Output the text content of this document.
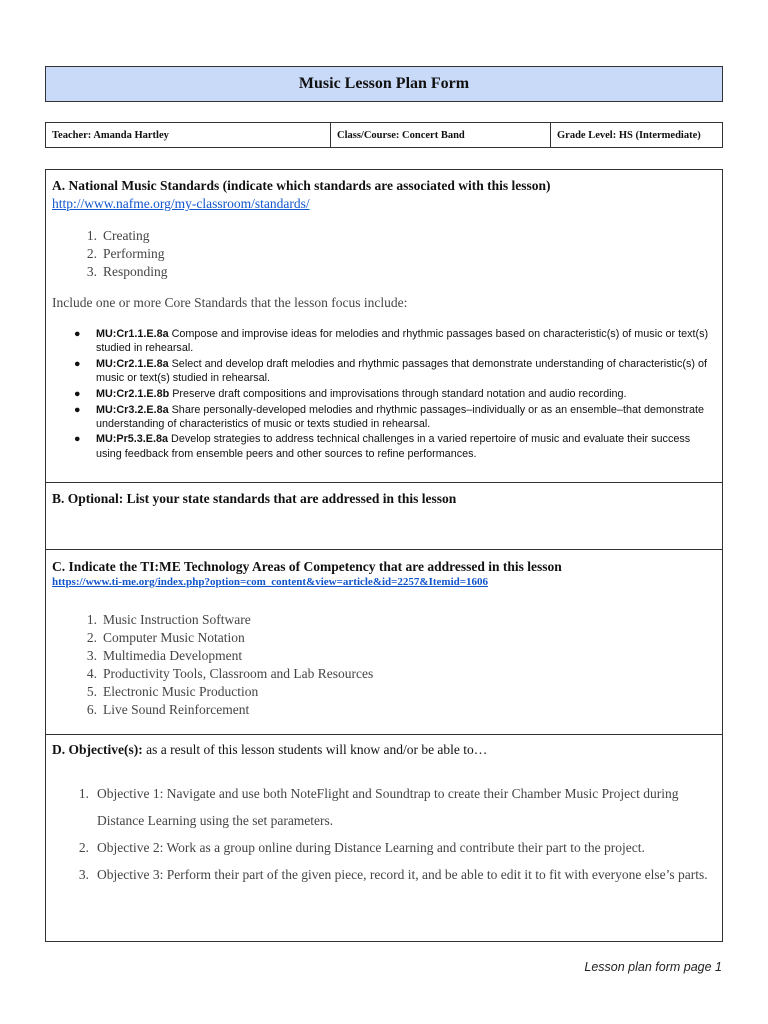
Music Lesson Plan Form
Teacher: Amanda Hartley	Class/Course: Concert Band	Grade Level: HS (Intermediate)
A. National Music Standards (indicate which standards are associated with this lesson)
http://www.nafme.org/my-classroom/standards/
1. Creating
2. Performing
3. Responding
Include one or more Core Standards that the lesson focus include:
● MU:Cr1.1.E.8a Compose and improvise ideas for melodies and rhythmic passages based on characteristic(s) of music or text(s) studied in rehearsal.
● MU:Cr2.1.E.8a Select and develop draft melodies and rhythmic passages that demonstrate understanding of characteristic(s) of music or text(s) studied in rehearsal.
● MU:Cr2.1.E.8b Preserve draft compositions and improvisations through standard notation and audio recording.
● MU:Cr3.2.E.8a Share personally-developed melodies and rhythmic passages–individually or as an ensemble–that demonstrate understanding of characteristics of music or texts studied in rehearsal.
● MU:Pr5.3.E.8a Develop strategies to address technical challenges in a varied repertoire of music and evaluate their success using feedback from ensemble peers and other sources to refine performances.
B. Optional: List your state standards that are addressed in this lesson
C. Indicate the TI:ME Technology Areas of Competency that are addressed in this lesson
https://www.ti-me.org/index.php?option=com_content&view=article&id=2257&Itemid=1606
1. Music Instruction Software
2. Computer Music Notation
3. Multimedia Development
4. Productivity Tools, Classroom and Lab Resources
5. Electronic Music Production
6. Live Sound Reinforcement
D. Objective(s): as a result of this lesson students will know and/or be able to…
1. Objective 1: Navigate and use both NoteFlight and Soundtrap to create their Chamber Music Project during Distance Learning using the set parameters.
2. Objective 2: Work as a group online during Distance Learning and contribute their part to the project.
3. Objective 3: Perform their part of the given piece, record it, and be able to edit it to fit with everyone else’s parts.
Lesson plan form page 1
